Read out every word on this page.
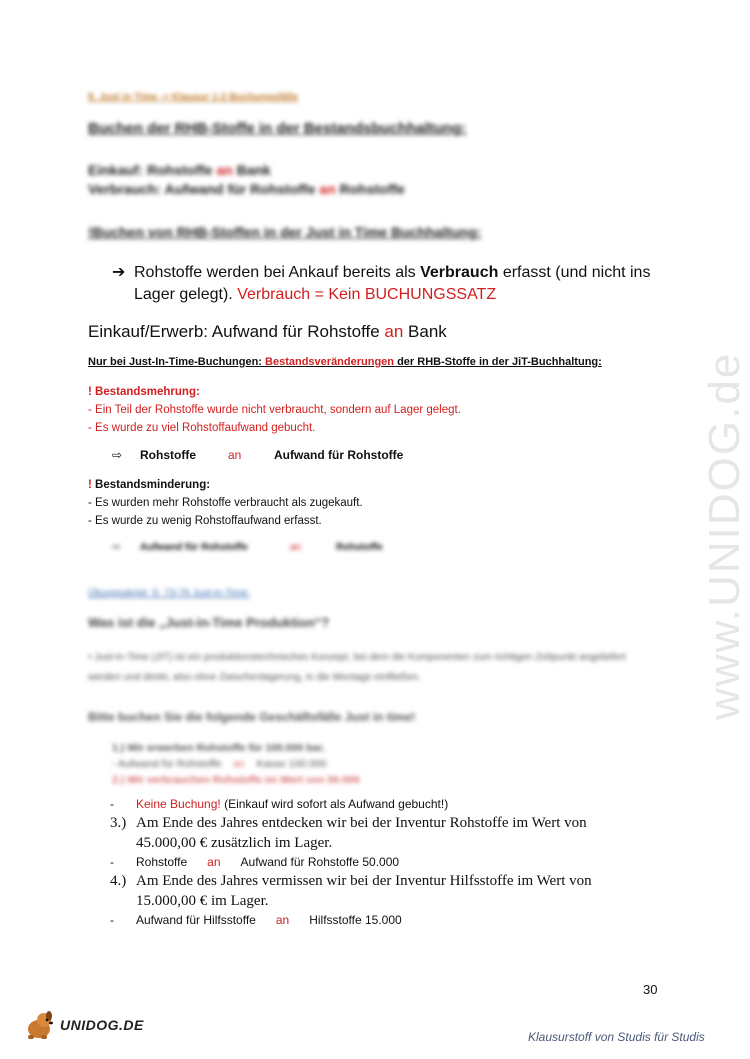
www.UNIDOG.de
8. Just in Time -> Klausur 1-2 Buchungsfälle
Buchen der RHB-Stoffe in der Bestandsbuchhaltung:
Einkauf: Rohstoffe an Bank
Verbrauch: Aufwand für Rohstoffe an Rohstoffe
!Buchen von RHB-Stoffen in der Just in Time Buchhaltung:
➔ Rohstoffe werden bei Ankauf bereits als Verbrauch erfasst (und nicht ins Lager gelegt). Verbrauch = Kein BUCHUNGSSATZ
Einkauf/Erwerb: Aufwand für Rohstoffe an Bank
Nur bei Just-In-Time-Buchungen: Bestandsveränderungen der RHB-Stoffe in der JiT-Buchhaltung:
! Bestandsmehrung:
- Ein Teil der Rohstoffe wurde nicht verbraucht, sondern auf Lager gelegt.
- Es wurde zu viel Rohstoffaufwand gebucht.
⇨	Rohstoffe	an	Aufwand für Rohstoffe
! Bestandsminderung:
- Es wurden mehr Rohstoffe verbraucht als zugekauft.
- Es wurde zu wenig Rohstoffaufwand erfasst.
⇨	Aufwand für Rohstoffe	an	Rohstoffe
Übungsskript: S. 73-76 Just-in-Time:
Was ist die „Just-in-Time Produktion“?
• Just-in-Time (JIT) ist ein produktionstechnisches Konzept, bei dem die Komponenten zum richtigen Zeitpunkt angeliefert werden und direkt, also ohne Zwischenlagerung, in die Montage einfließen.
Bitte buchen Sie die folgende Geschäftsfälle Just in time!
1.) Wir erwerben Rohstoffe für 100.000 bar.
- Aufwand für Rohstoffe an Kasse 100.000
2.) Wir verbrauchen Rohstoffe im Wert von 50.000
-	Keine Buchung! (Einkauf wird sofort als Aufwand gebucht!)
3.) Am Ende des Jahres entdecken wir bei der Inventur Rohstoffe im Wert von 45.000,00 € zusätzlich im Lager.
-	Rohstoffe an Aufwand für Rohstoffe 50.000
4.) Am Ende des Jahres vermissen wir bei der Inventur Hilfsstoffe im Wert von 15.000,00 € im Lager.
-	Aufwand für Hilfsstoffe an Hilfsstoffe 15.000
30
UNIDOG.DE
Klausurstoff von Studis für Studis
